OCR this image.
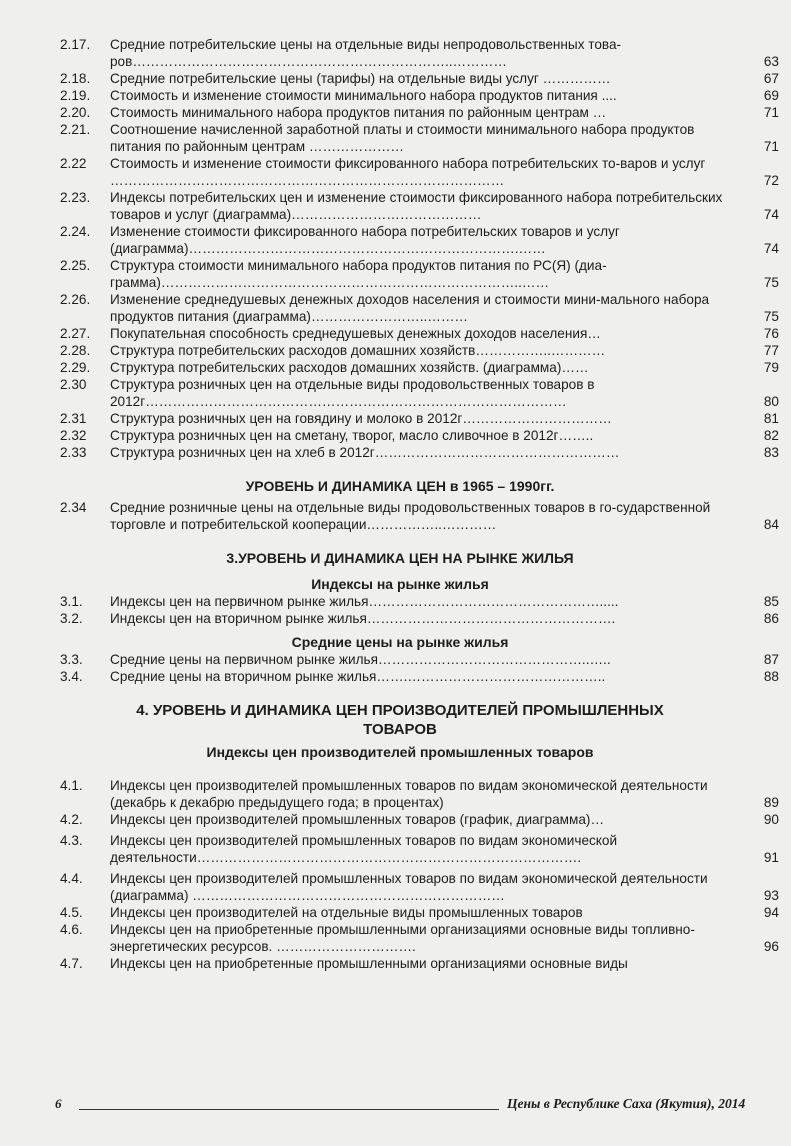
2.17. Средние потребительские цены на отдельные виды непродовольственных това-ров……………………………………………………………..…………	63
2.18. Средние потребительские цены (тарифы) на отдельные виды услуг ……………	67
2.19. Стоимость и изменение стоимости минимального набора продуктов питания ....	69
2.20. Стоимость минимального набора продуктов питания по районным центрам …	71
2.21. Соотношение начисленной заработной платы и стоимости минимального набора продуктов питания по районным центрам …………………	71
2.22 Стоимость и изменение стоимости фиксированного набора потребительских то-варов и услуг ……………………………………………………………………………	72
2.23. Индексы потребительских цен и изменение стоимости фиксированного набора потребительских товаров и услуг (диаграмма)……………………………………	74
2.24. Изменение стоимости фиксированного набора потребительских товаров и услуг (диаграмма)……………………………………………………………….……	74
2.25. Структура стоимости минимального набора продуктов питания по РС(Я) (диа-граммa)……………………………………………………………………..……	75
2.26. Изменение среднедушевых денежных доходов населения и стоимости мини-мального набора продуктов питания (диаграмма)……………………..………	75
2.27. Покупательная способность среднедушевых денежных доходов населения…	76
2.28. Структура потребительских расходов домашних хозяйств……………..…………	77
2.29. Структура потребительских расходов домашних хозяйств. (диаграмма)……	79
2.30 Структура розничных цен на отдельные виды продовольственных товаров в 2012г…………………………………………………………………………………	80
2.31 Структура розничных цен на говядину и молоко в 2012г……………………………	81
2.32 Структура розничных цен на сметану, творог, масло сливочное в 2012г……..	82
2.33 Структура розничных цен на хлеб в 2012г………………………………………………	83
УРОВЕНЬ И ДИНАМИКА ЦЕН в 1965 – 1990гг.
2.34 Средние розничные цены на отдельные виды продовольственных товаров в го-сударственной торговле и потребительской кооперации……………..…………	84
3.УРОВЕНЬ И ДИНАМИКА ЦЕН НА РЫНКЕ ЖИЛЬЯ
Индексы на рынке жилья
3.1. Индексы цен на первичном рынке жилья…………………………………………….....	85
3.2. Индексы цен на вторичном рынке жилья……………………………………………….	86
Средние цены на рынке жилья
3.3. Средние цены на первичном рынке жилья………………………………………..…..	87
3.4. Средние цены на вторичном рынке жилья…….……………………………………..	88
4. УРОВЕНЬ И ДИНАМИКА ЦЕН ПРОИЗВОДИТЕЛЕЙ ПРОМЫШЛЕННЫХ
ТОВАРОВ
Индексы цен производителей промышленных товаров
4.1. Индексы цен производителей промышленных товаров по видам экономической деятельности (декабрь к декабрю предыдущего года; в процентах)	89
4.2. Индексы цен производителей промышленных товаров (график, диаграмма)…	90
4.3. Индексы цен производителей промышленных товаров по видам экономической деятельности………………………………………………………………………….	91
4.4. Индексы цен производителей промышленных товаров по видам экономической деятельности (диаграмма) ……………………………………………………………	93
4.5. Индексы цен производителей на отдельные виды промышленных товаров	94
4.6. Индексы цен на приобретенные промышленными организациями основные виды топливно- энергетических ресурсов. ………………………….	96
4.7. Индексы цен на приобретенные промышленными организациями основные виды
6	Цены в Республике Саха (Якутия), 2014
